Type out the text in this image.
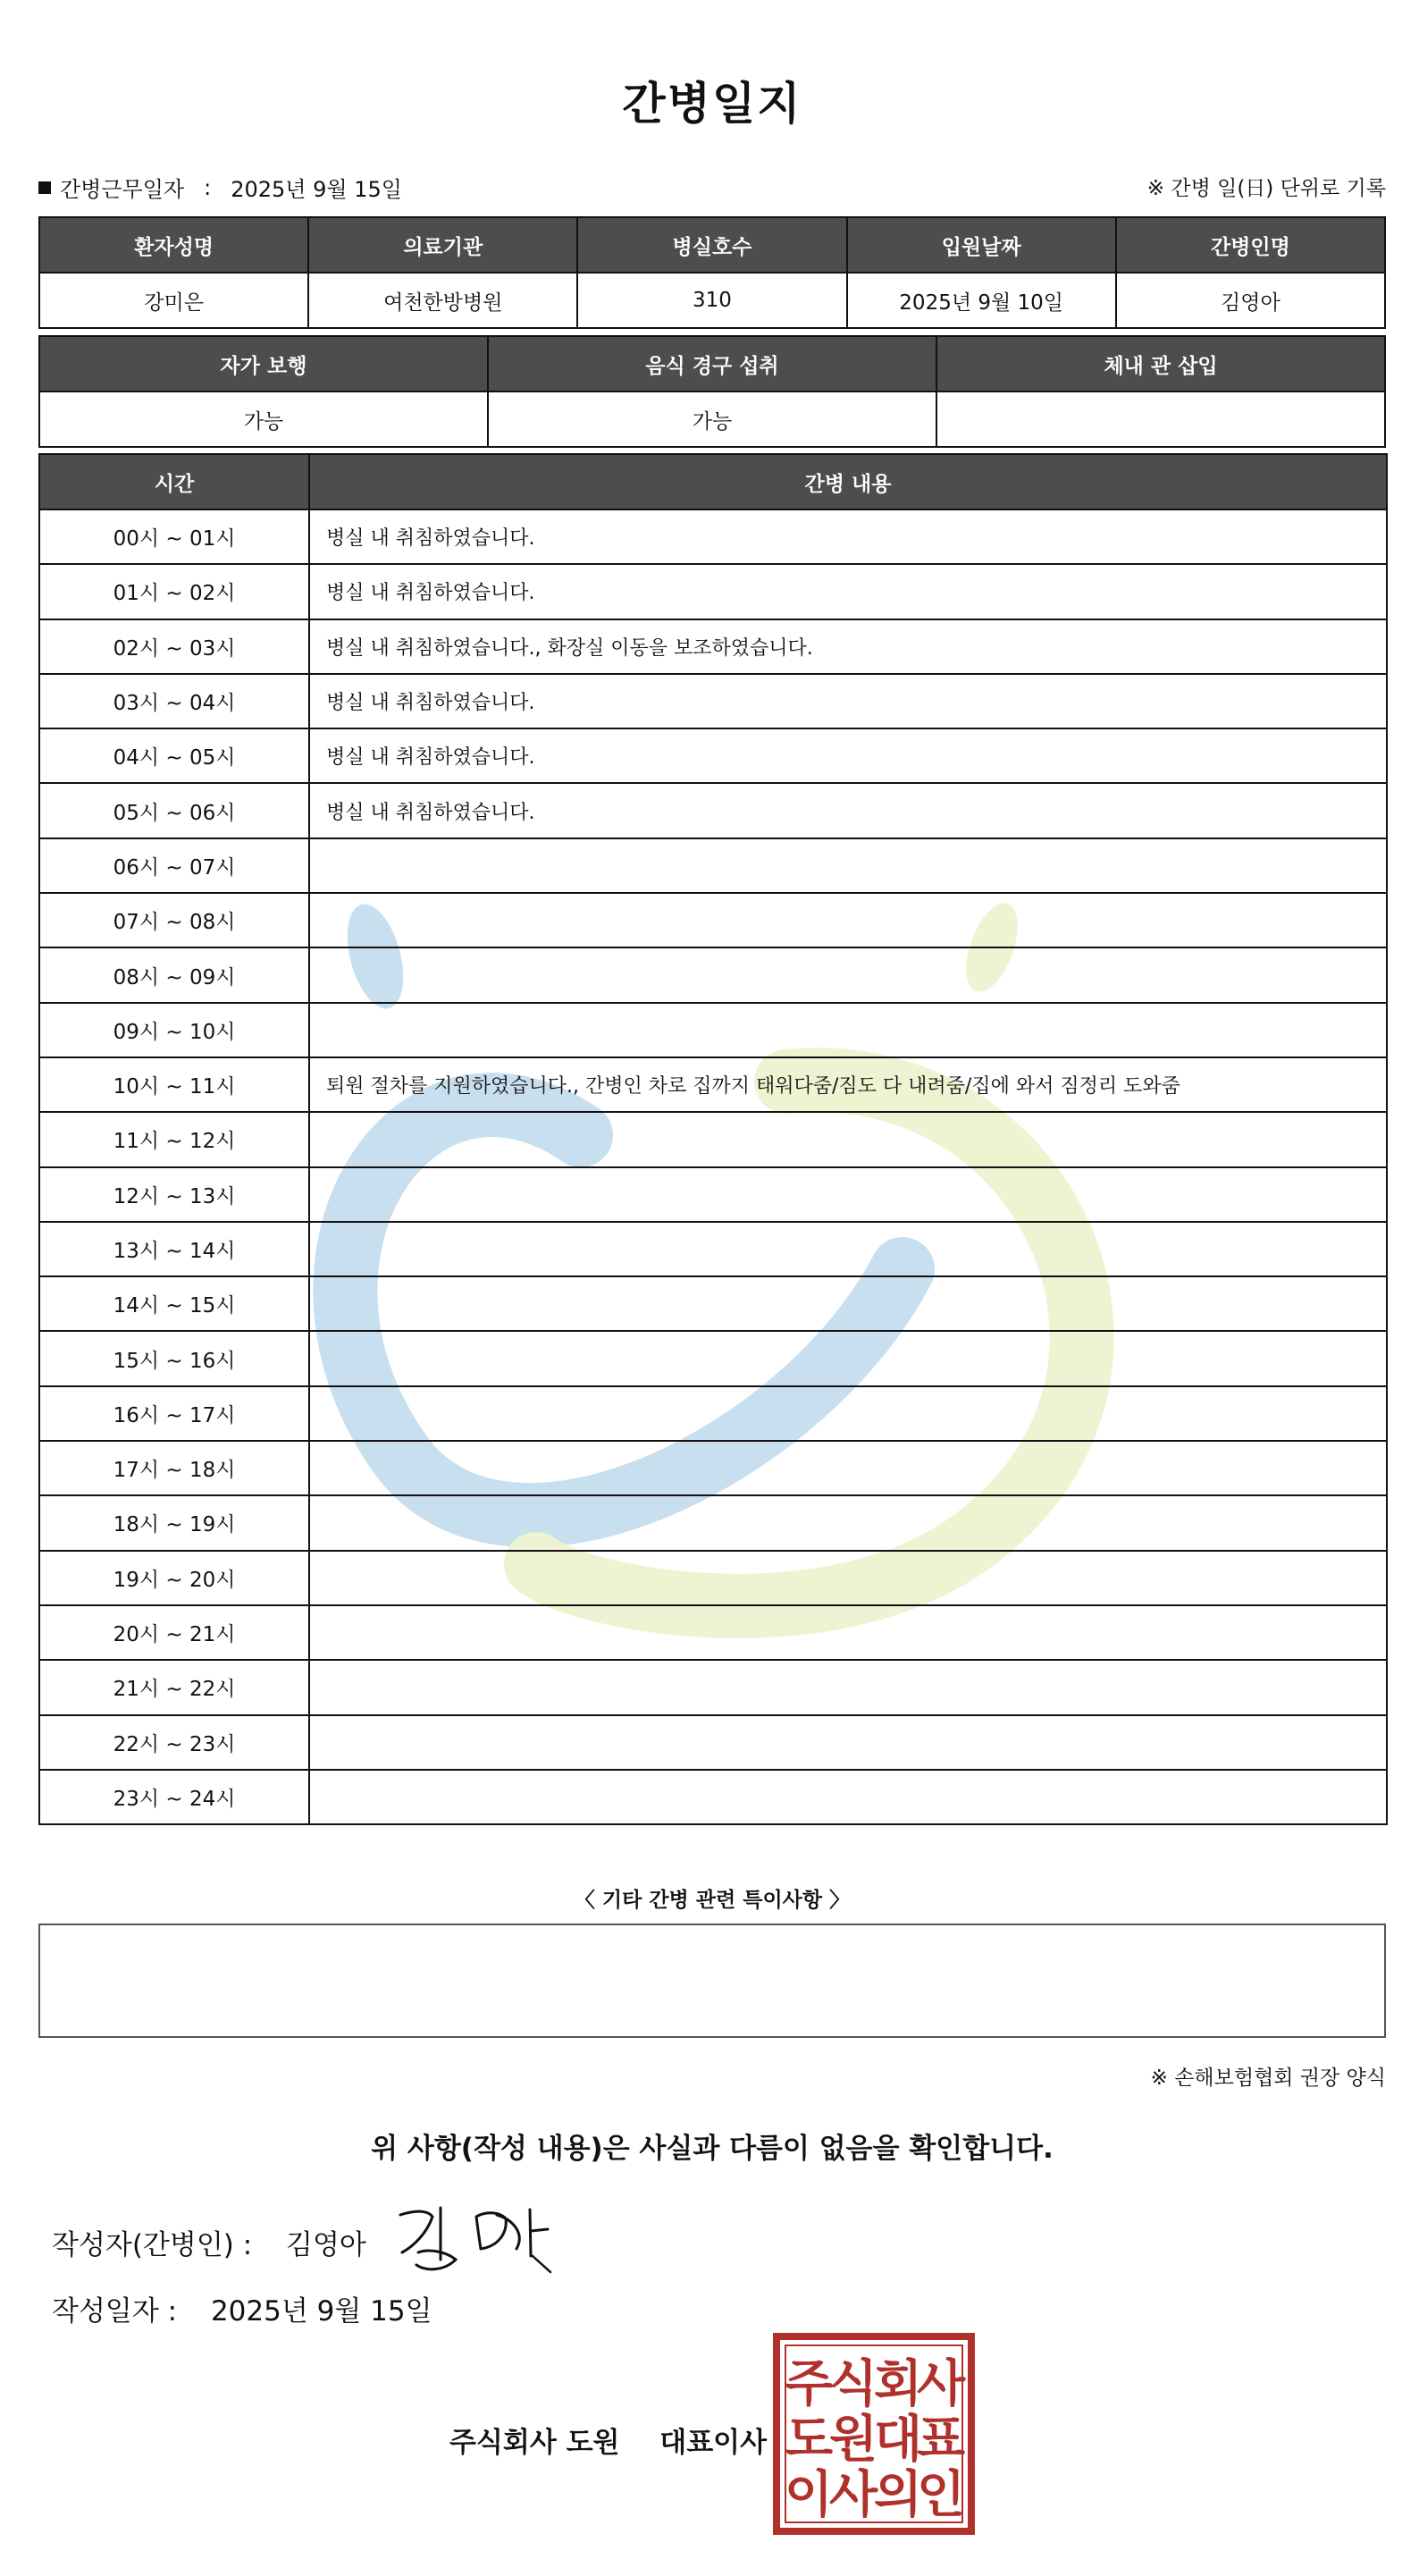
간병일지
간병근무일자 : 2025년 9월 15일	※ 간병 일(日) 단위로 기록
환자성명	의료기관	병실호수	입원날짜	간병인명
강미은	여천한방병원	310	2025년 9월 10일	김영아
자가 보행	음식 경구 섭취	체내 관 삽입
가능	가능	
시간	간병 내용
00시 ~ 01시	병실 내 취침하였습니다.
01시 ~ 02시	병실 내 취침하였습니다.
02시 ~ 03시	병실 내 취침하였습니다., 화장실 이동을 보조하였습니다.
03시 ~ 04시	병실 내 취침하였습니다.
04시 ~ 05시	병실 내 취침하였습니다.
05시 ~ 06시	병실 내 취침하였습니다.
06시 ~ 07시	
07시 ~ 08시	
08시 ~ 09시	
09시 ~ 10시	
10시 ~ 11시	퇴원 절차를 지원하였습니다., 간병인 차로 집까지 태워다줌/짐도 다 내려줌/집에 와서 짐정리 도와줌
11시 ~ 12시	
12시 ~ 13시	
13시 ~ 14시	
14시 ~ 15시	
15시 ~ 16시	
16시 ~ 17시	
17시 ~ 18시	
18시 ~ 19시	
19시 ~ 20시	
20시 ~ 21시	
21시 ~ 22시	
22시 ~ 23시	
23시 ~ 24시	
〈 기타 간병 관련 특이사항 〉
※ 손해보험협회 권장 양식
위 사항(작성 내용)은 사실과 다름이 없음을 확인합니다.
작성자(간병인) : 김영아
작성일자 : 2025년 9월 15일
주식회사 도원 대표이사
주
식
회
사
도
원
대
표
이
사
의
인
